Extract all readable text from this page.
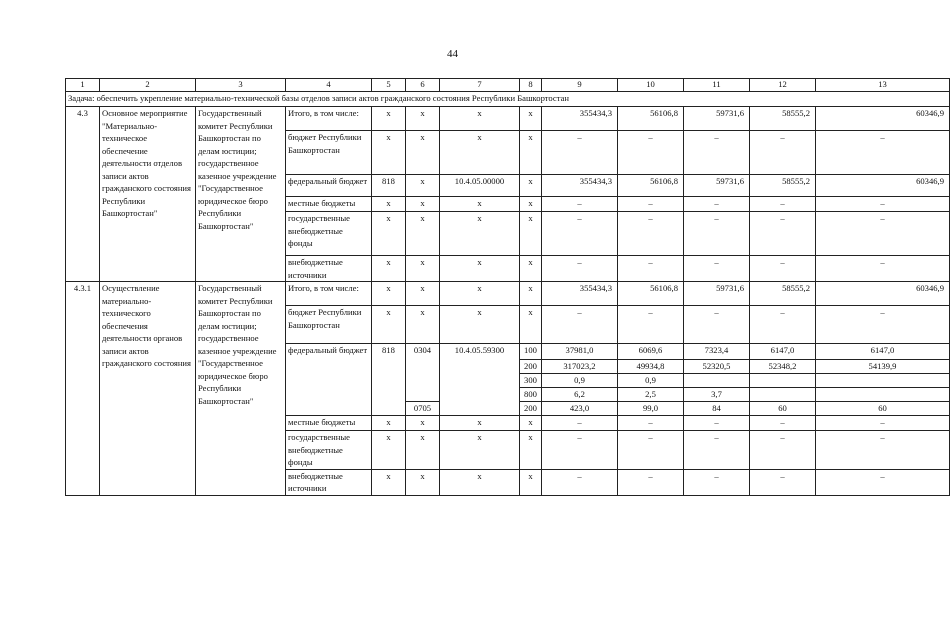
44
1	2	3	4	5	6	7	8	9	10	11	12	13
Задача: обеспечить укрепление материально-технической базы отделов записи актов гражданского состояния Республики Башкортостан												
4.3	Основное мероприятие "Материально-техническое обеспечение деятельности отделов записи актов гражданского состояния Республики Башкортостан"	Государственный комитет Республики Башкортостан по делам юстиции; государственное казенное учреждение "Государственное юридическое бюро Республики Башкортостан"	Итого, в том числе:	х	х	х	х	355434,3	56106,8	59731,6	58555,2	60346,9
			бюджет Республики Башкортостан	х	х	х	х	–	–	–	–	–
			федеральный бюджет	818	х	10.4.05.00000	х	355434,3	56106,8	59731,6	58555,2	60346,9
			местные бюджеты	х	х	х	х	–	–	–	–	–
			государственные внебюджетные фонды	х	х	х	х	–	–	–	–	–
			внебюджетные источники	х	х	х	х	–	–	–	–	–
4.3.1	Осуществление материально-технического обеспечения деятельности органов записи актов гражданского состояния	Государственный комитет Республики Башкортостан по делам юстиции; государственное казенное учреждение "Государственное юридическое бюро Республики Башкортостан"	Итого, в том числе:	х	х	х	х	355434,3	56106,8	59731,6	58555,2	60346,9
			бюджет Республики Башкортостан	х	х	х	х	–	–	–	–	–
			федеральный бюджет	818	0304	10.4.05.59300	100	37981,0	6069,6	7323,4	6147,0	6147,0
							200	317023,2	49934,8	52320,5	52348,2	54139,9
							300	0,9	0,9			
							800	6,2	2,5	3,7		
					0705		200	423,0	99,0	84	60	60
			местные бюджеты	х	х	х	х	–	–	–	–	–
			государственные внебюджетные фонды	х	х	х	х	–	–	–	–	–
			внебюджетные источники	х	х	х	х	–	–	–	–	–
